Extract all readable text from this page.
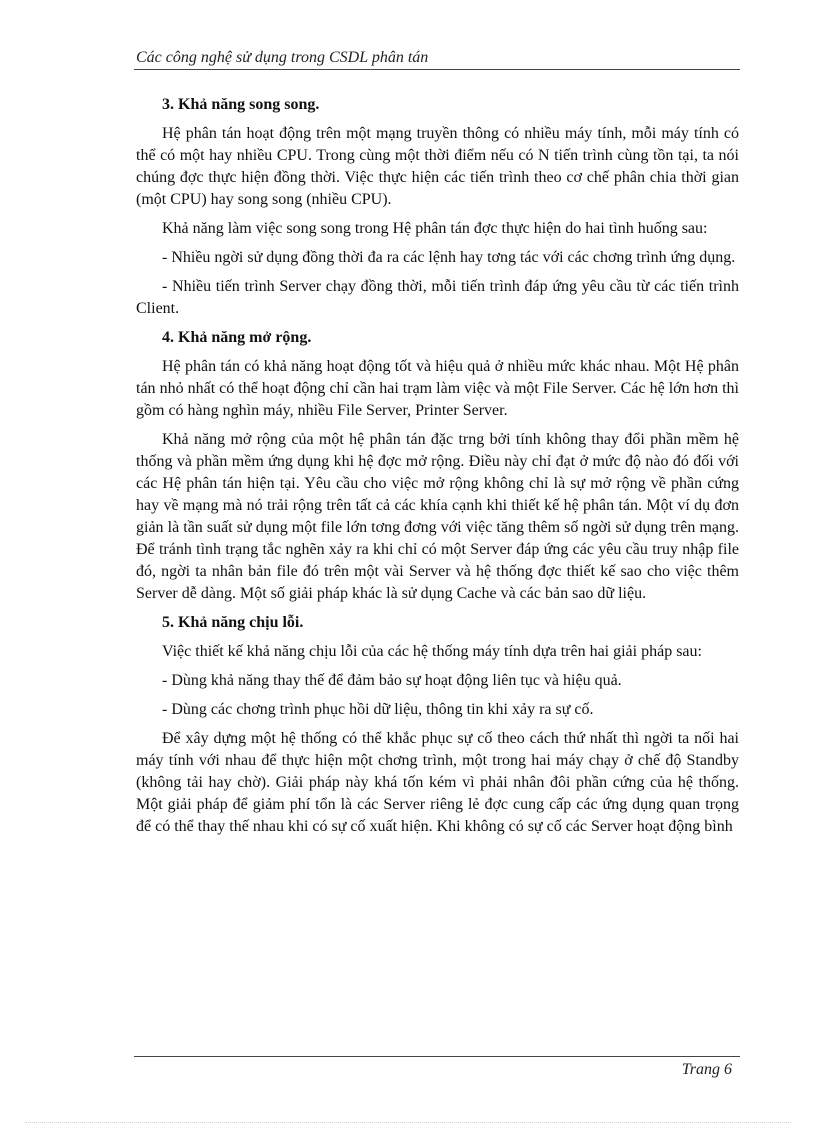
Các công nghệ sử dụng trong CSDL phân tán

3. Khả năng song song.

Hệ phân tán hoạt động trên một mạng truyền thông có nhiều máy tính, mỗi máy tính có thể có một hay nhiều CPU. Trong cùng một thời điểm nếu có N tiến trình cùng tồn tại, ta nói chúng đợc thực hiện đồng thời. Việc thực hiện các tiến trình theo cơ chế phân chia thời gian (một CPU) hay song song (nhiều CPU).

Khả năng làm việc song song trong Hệ phân tán đợc thực hiện do hai tình huống sau:

- Nhiều ngời sử dụng đồng thời đa ra các lệnh hay tơng tác với các chơng trình ứng dụng.

- Nhiều tiến trình Server chạy đồng thời, mỗi tiến trình đáp ứng yêu cầu từ các tiến trình Client.

4. Khả năng mở rộng.

Hệ phân tán có khả năng hoạt động tốt và hiệu quả ở nhiều mức khác nhau. Một Hệ phân tán nhỏ nhất có thể hoạt động chỉ cần hai trạm làm việc và một File Server. Các hệ lớn hơn thì gồm có hàng nghìn máy, nhiều File Server, Printer Server.

Khả năng mở rộng của một hệ phân tán đặc trng bởi tính không thay đổi phần mềm hệ thống và phần mềm ứng dụng khi hệ đợc mở rộng. Điều này chỉ đạt ở mức độ nào đó đối với các Hệ phân tán hiện tại. Yêu cầu cho việc mở rộng không chỉ là sự mở rộng về phần cứng hay về mạng mà nó trải rộng trên tất cả các khía cạnh khi thiết kế hệ phân tán. Một ví dụ đơn giản là tần suất sử dụng một file lớn tơng đơng với việc tăng thêm số ngời sử dụng trên mạng. Để tránh tình trạng tắc nghẽn xảy ra khi chỉ có một Server đáp ứng các yêu cầu truy nhập file đó, ngời ta nhân bản file đó trên một vài Server và hệ thống đợc thiết kế sao cho việc thêm Server dễ dàng. Một số giải pháp khác là sử dụng Cache và các bản sao dữ liệu.

5. Khả năng chịu lỗi.

Việc thiết kế khả năng chịu lỗi của các hệ thống máy tính dựa trên hai giải pháp sau:

- Dùng khả năng thay thế để đảm bảo sự hoạt động liên tục và hiệu quả.

- Dùng các chơng trình phục hồi dữ liệu, thông tin khi xảy ra sự cố.

Để xây dựng một hệ thống có thể khắc phục sự cố theo cách thứ nhất thì ngời ta nối hai máy tính với nhau để thực hiện một chơng trình, một trong hai máy chạy ở chế độ Standby (không tải hay chờ). Giải pháp này khá tốn kém vì phải nhân đôi phần cứng của hệ thống. Một giải pháp để giảm phí tổn là các Server riêng lẻ đợc cung cấp các ứng dụng quan trọng để có thể thay thế nhau khi có sự cố xuất hiện. Khi không có sự cố các Server hoạt động bình

Trang 6
